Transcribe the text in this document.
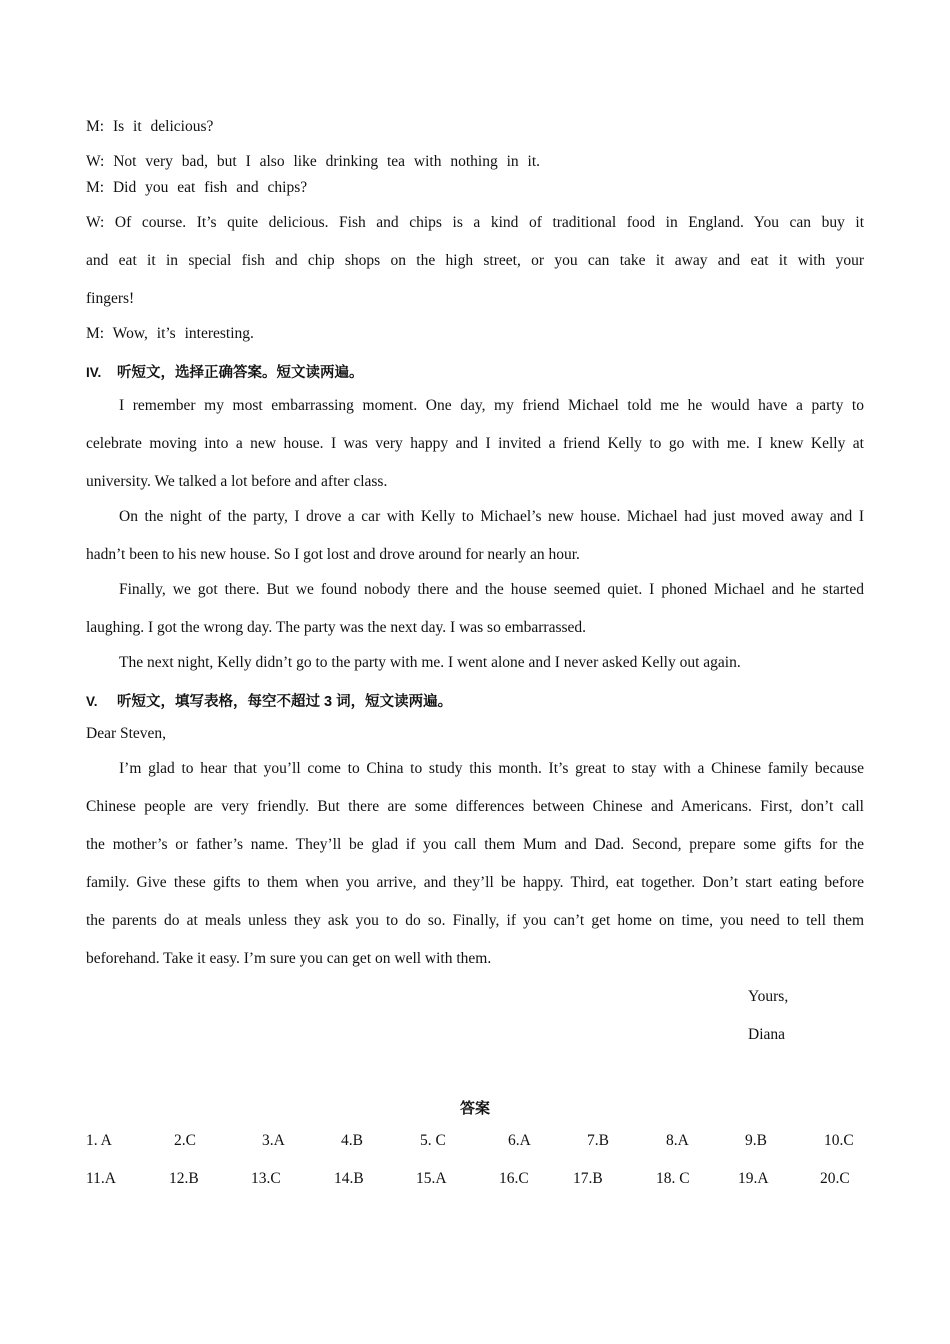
M: Is it delicious?
W: Not very bad, but I also like drinking tea with nothing in it.
M: Did you eat fish and chips?
W: Of course. It’s quite delicious. Fish and chips is a kind of traditional food in England. You can buy it
and eat it in special fish and chip shops on the high street, or you can take it away and eat it with your
fingers!
M: Wow, it’s interesting.
IV. 听短文，选择正确答案。短文读两遍。
I remember my most embarrassing moment. One day, my friend Michael told me he would have a party to
celebrate moving into a new house. I was very happy and I invited a friend Kelly to go with me. I knew Kelly at
university. We talked a lot before and after class.
On the night of the party, I drove a car with Kelly to Michael’s new house. Michael had just moved away and I
hadn’t been to his new house. So I got lost and drove around for nearly an hour.
Finally, we got there. But we found nobody there and the house seemed quiet. I phoned Michael and he started
laughing. I got the wrong day. The party was the next day. I was so embarrassed.
The next night, Kelly didn’t go to the party with me. I went alone and I never asked Kelly out again.
V. 听短文，填写表格，每空不超过 3 词，短文读两遍。
Dear Steven,
I’m glad to hear that you’ll come to China to study this month. It’s great to stay with a Chinese family because
Chinese people are very friendly. But there are some differences between Chinese and Americans. First, don’t call
the mother’s or father’s name. They’ll be glad if you call them Mum and Dad. Second, prepare some gifts for the
family. Give these gifts to them when you arrive, and they’ll be happy. Third, eat together. Don’t start eating before
the parents do at meals unless they ask you to do so. Finally, if you can’t get home on time, you need to tell them
beforehand. Take it easy. I’m sure you can get on well with them.
Yours,
Diana
答案
1. A	2.C	3.A	4.B	5. C	6.A	7.B	8.A	9.B	10.C
11.A	12.B	13.C	14.B	15.A	16.C	17.B	18. C	19.A	20.C
